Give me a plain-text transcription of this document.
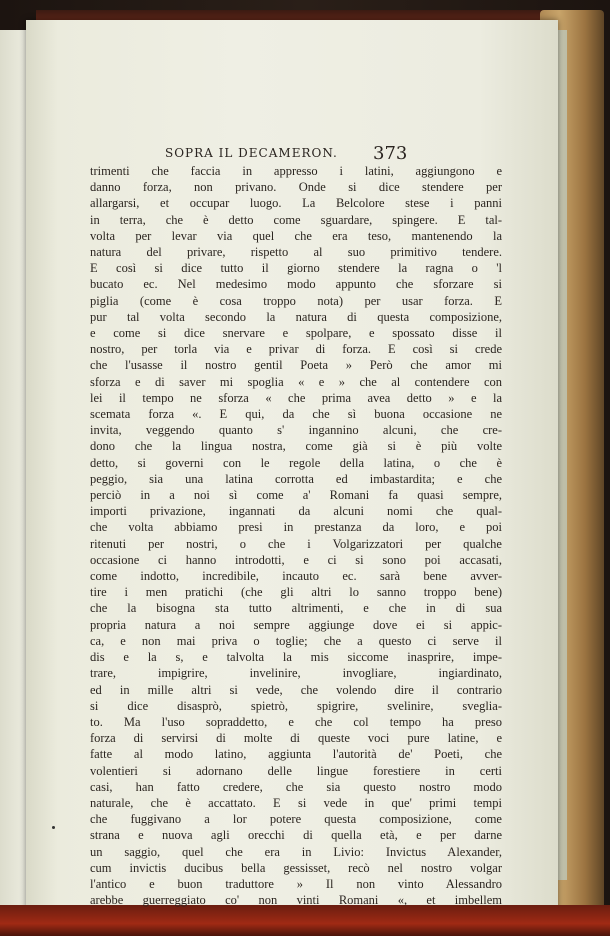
SOPRA IL DECAMERON.	373
trimenti che faccia in appresso i latini, aggiungono e
danno forza, non privano. Onde si dice stendere per
allargarsi, et occupar luogo. La Belcolore stese i panni
in terra, che è detto come sguardare, spingere. E tal-
volta per levar via quel che era teso, mantenendo la
natura del privare, rispetto al suo primitivo tendere.
E così si dice tutto il giorno stendere la ragna o 'l
bucato ec. Nel medesimo modo appunto che sforzare si
piglia (come è cosa troppo nota) per usar forza. E
pur tal volta secondo la natura di questa composizione,
e come si dice snervare e spolpare, e spossato disse il
nostro, per torla via e privar di forza. E così si crede
che l'usasse il nostro gentil Poeta » Però che amor mi
sforza e di saver mi spoglia « e » che al contendere con
lei il tempo ne sforza « che prima avea detto » e la
scemata forza «. E qui, da che sì buona occasione ne
invita, veggendo quanto s' ingannino alcuni, che cre-
dono che la lingua nostra, come già si è più volte
detto, si governi con le regole della latina, o che è
peggio, sia una latina corrotta ed imbastardita; e che
perciò in a noi sì come a' Romani fa quasi sempre,
importi privazione, ingannati da alcuni nomi che qual-
che volta abbiamo presi in prestanza da loro, e poi
ritenuti per nostri, o che i Volgarizzatori per qualche
occasione ci hanno introdotti, e ci si sono poi accasati,
come indotto, incredibile, incauto ec. sarà bene avver-
tire i men pratichi (che gli altri lo sanno troppo bene)
che la bisogna sta tutto altrimenti, e che in di sua
propria natura a noi sempre aggiunge dove ei si appic-
ca, e non mai priva o toglie; che a questo ci serve il
dis e la s, e talvolta la mis siccome inasprire, impe-
trare, impigrire, invelinire, invogliare, ingiardinato,
ed in mille altri si vede, che volendo dire il contrario
si dice disasprò, spietrò, spigrire, svelinire, sveglia-
to. Ma l'uso sopraddetto, e che col tempo ha preso
forza di servirsi di molte di queste voci pure latine, e
fatte al modo latino, aggiunta l'autorità de' Poeti, che
volentieri si adornano delle lingue forestiere in certi
casi, han fatto credere, che sia questo nostro modo
naturale, che è accattato. E si vede in que' primi tempi
che fuggivano a lor potere questa composizione, come
strana e nuova agli orecchi di quella età, e per darne
un saggio, quel che era in Livio: Invictus Alexander,
cum invictis ducibus bella gessisset, recò nel nostro volgar
l'antico e buon traduttore » Il non vinto Alessandro
arebbe guerreggiato co' non vinti Romani «, et imbellem
